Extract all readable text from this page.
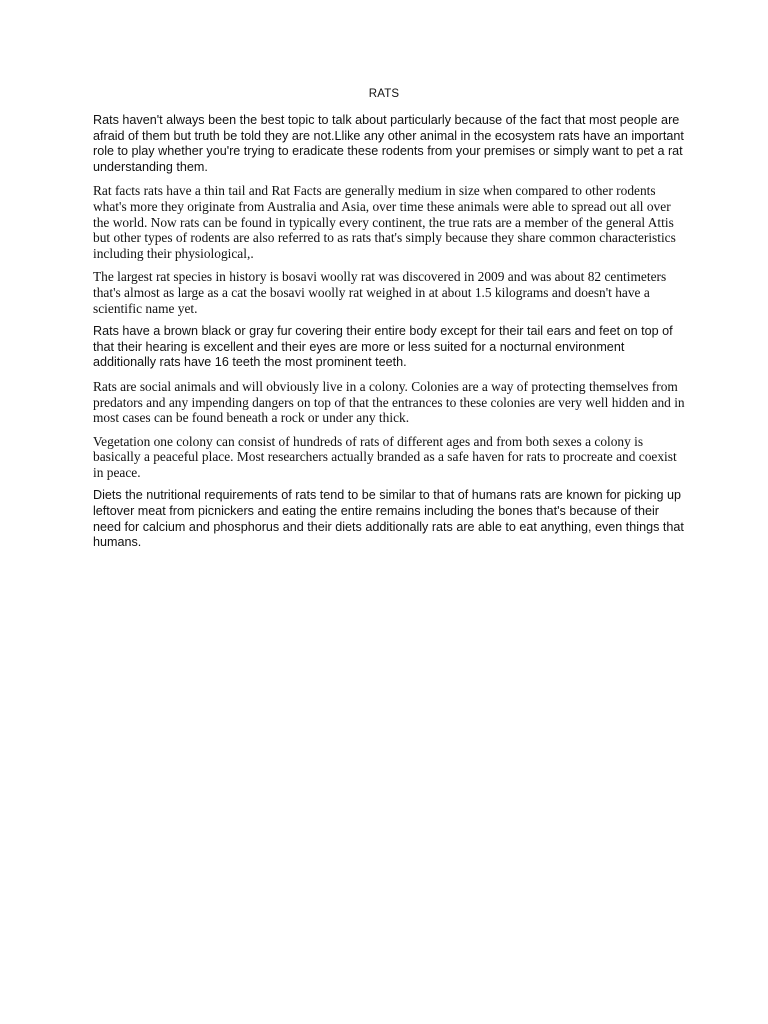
RATS

Rats haven't always been the best topic to talk about particularly because of the fact that most people are afraid of them but truth be told they are not.Llike any other animal in the ecosystem rats have an important role to play whether you're trying to eradicate these rodents from your premises or simply want to pet a rat understanding them.

Rat facts rats have a thin tail and Rat Facts are generally medium in size when compared to other rodents what's more they originate from Australia and Asia, over time these animals were able to spread out all over the world. Now rats can be found in typically every continent, the true rats are a member of the general Attis but other types of rodents are also referred to as rats that's simply because they share common characteristics including their physiological,.

The largest rat species in history is bosavi woolly rat was discovered in 2009 and was about 82 centimeters that's almost as large as a cat the bosavi woolly rat weighed in at about 1.5 kilograms and doesn't have a scientific name yet.

Rats have a brown black or gray fur covering their entire body except for their tail ears and feet on top of that their hearing is excellent and their eyes are more or less suited for a nocturnal environment additionally rats have 16 teeth the most prominent teeth.

Rats are social animals and will obviously live in a colony. Colonies are a way of protecting themselves from predators and any impending dangers on top of that the entrances to these colonies are very well hidden and in most cases can be found beneath a rock or under any thick.

Vegetation one colony can consist of hundreds of rats of different ages and from both sexes a colony is basically a peaceful place. Most researchers actually branded as a safe haven for rats to procreate and coexist in peace.

Diets the nutritional requirements of rats tend to be similar to that of humans rats are known for picking up leftover meat from picnickers and eating the entire remains including the bones that's because of their need for calcium and phosphorus and their diets additionally rats are able to eat anything, even things that humans.
